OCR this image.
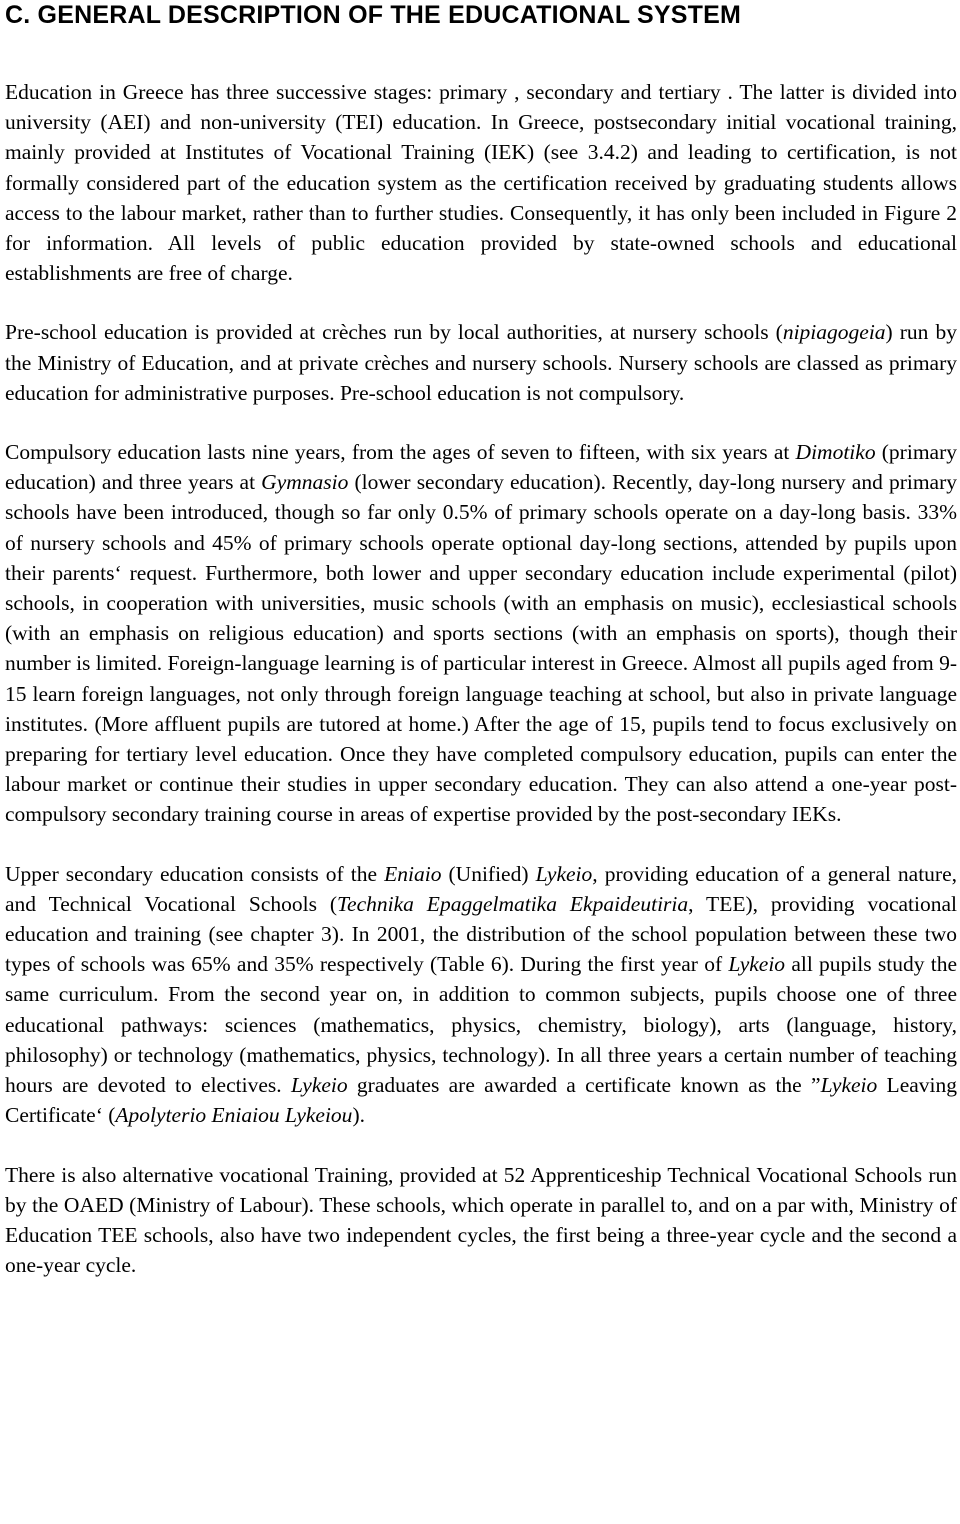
C. GENERAL DESCRIPTION OF THE EDUCATIONAL SYSTEM

Education in Greece has three successive stages: primary , secondary and tertiary . The latter is divided into university (AEI) and non-university (TEI) education. In Greece, postsecondary initial vocational training, mainly provided at Institutes of Vocational Training (IEK) (see 3.4.2) and leading to certification, is not formally considered part of the education system as the certification received by graduating students allows access to the labour market, rather than to further studies. Consequently, it has only been included in Figure 2 for information. All levels of public education provided by state-owned schools and educational establishments are free of charge.

Pre-school education is provided at crèches run by local authorities, at nursery schools (nipiagogeia) run by the Ministry of Education, and at private crèches and nursery schools. Nursery schools are classed as primary education for administrative purposes. Pre-school education is not compulsory.

Compulsory education lasts nine years, from the ages of seven to fifteen, with six years at Dimotiko (primary education) and three years at Gymnasio (lower secondary education). Recently, day-long nursery and primary schools have been introduced, though so far only 0.5% of primary schools operate on a day-long basis. 33% of nursery schools and 45% of primary schools operate optional day-long sections, attended by pupils upon their parents‘ request. Furthermore, both lower and upper secondary education include experimental (pilot) schools, in cooperation with universities, music schools (with an emphasis on music), ecclesiastical schools (with an emphasis on religious education) and sports sections (with an emphasis on sports), though their number is limited. Foreign-language learning is of particular interest in Greece. Almost all pupils aged from 9-15 learn foreign languages, not only through foreign language teaching at school, but also in private language institutes. (More affluent pupils are tutored at home.) After the age of 15, pupils tend to focus exclusively on preparing for tertiary level education. Once they have completed compulsory education, pupils can enter the labour market or continue their studies in upper secondary education. They can also attend a one-year post-compulsory secondary training course in areas of expertise provided by the post-secondary IEKs.

Upper secondary education consists of the Eniaio (Unified) Lykeio, providing education of a general nature, and Technical Vocational Schools (Technika Epaggelmatika Ekpaideutiria, TEE), providing vocational education and training (see chapter 3). In 2001, the distribution of the school population between these two types of schools was 65% and 35% respectively (Table 6). During the first year of Lykeio all pupils study the same curriculum. From the second year on, in addition to common subjects, pupils choose one of three educational pathways: sciences (mathematics, physics, chemistry, biology), arts (language, history, philosophy) or technology (mathematics, physics, technology). In all three years a certain number of teaching hours are devoted to electives. Lykeio graduates are awarded a certificate known as the ”Lykeio Leaving Certificate‘ (Apolyterio Eniaiou Lykeiou).

There is also alternative vocational Training, provided at 52 Apprenticeship Technical Vocational Schools run by the OAED (Ministry of Labour). These schools, which operate in parallel to, and on a par with, Ministry of Education TEE schools, also have two independent cycles, the first being a three-year cycle and the second a one-year cycle.
